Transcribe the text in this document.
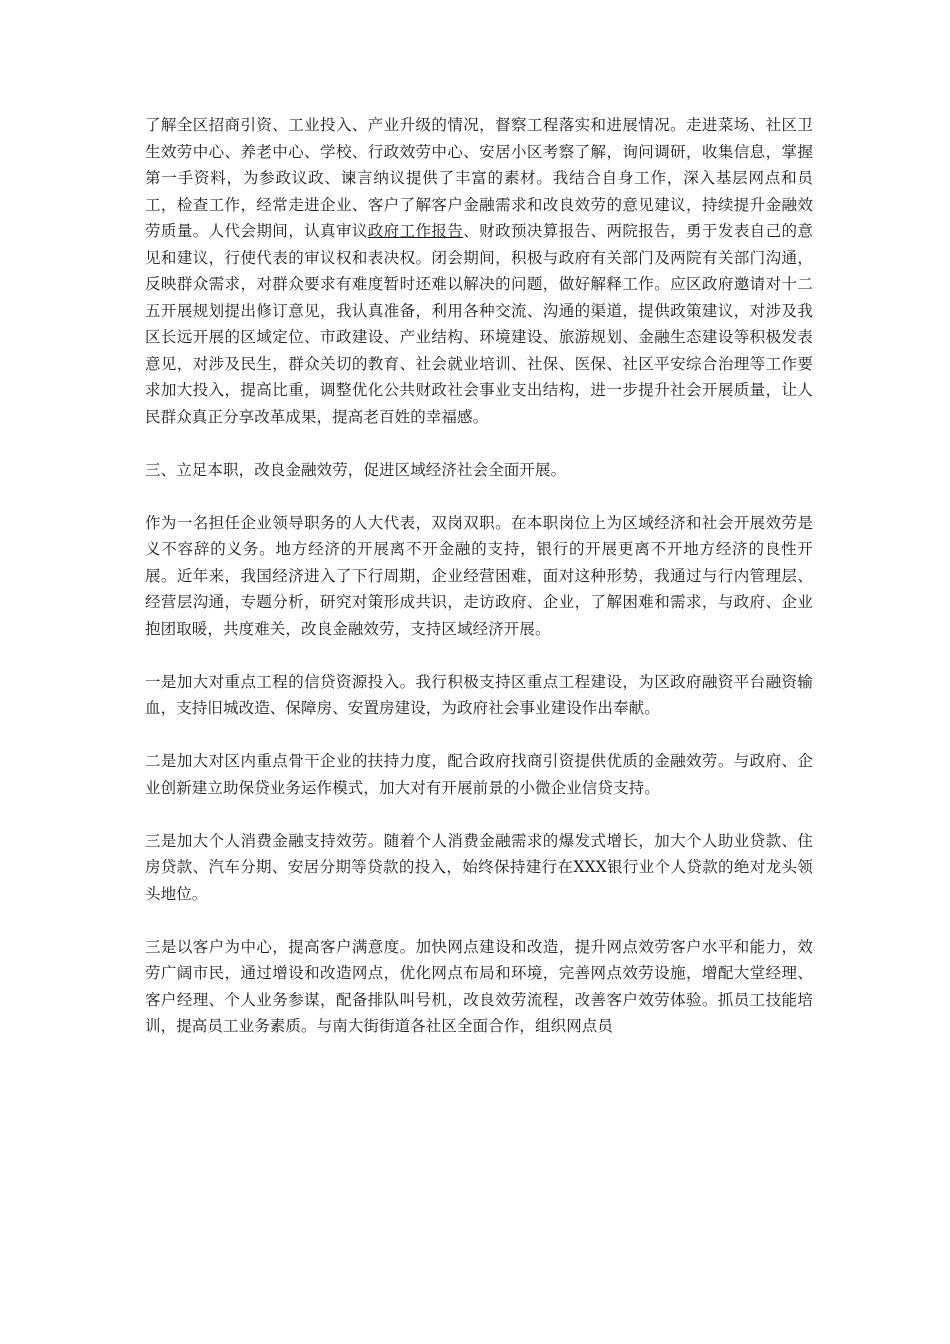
了解全区招商引资、工业投入、产业升级的情况，督察工程落实和进展情况。走进菜场、社区卫生效劳中心、养老中心、学校、行政效劳中心、安居小区考察了解，询问调研，收集信息，掌握第一手资料，为参政议政、谏言纳议提供了丰富的素材。我结合自身工作，深入基层网点和员工，检查工作，经常走进企业、客户了解客户金融需求和改良效劳的意见建议，持续提升金融效劳质量。人代会期间，认真审议政府工作报告、财政预决算报告、两院报告，勇于发表自己的意见和建议，行使代表的审议权和表决权。闭会期间，积极与政府有关部门及两院有关部门沟通，反映群众需求，对群众要求有难度暂时还难以解决的问题，做好解释工作。应区政府邀请对十二五开展规划提出修订意见，我认真准备，利用各种交流、沟通的渠道，提供政策建议，对涉及我区长远开展的区域定位、市政建设、产业结构、环境建设、旅游规划、金融生态建设等积极发表意见，对涉及民生，群众关切的教育、社会就业培训、社保、医保、社区平安综合治理等工作要求加大投入，提高比重，调整优化公共财政社会事业支出结构，进一步提升社会开展质量，让人民群众真正分享改革成果，提高老百姓的幸福感。

三、立足本职，改良金融效劳，促进区域经济社会全面开展。

作为一名担任企业领导职务的人大代表，双岗双职。在本职岗位上为区域经济和社会开展效劳是义不容辞的义务。地方经济的开展离不开金融的支持，银行的开展更离不开地方经济的良性开展。近年来，我国经济进入了下行周期，企业经营困难，面对这种形势，我通过与行内管理层、经营层沟通，专题分析，研究对策形成共识，走访政府、企业，了解困难和需求，与政府、企业抱团取暖，共度难关，改良金融效劳，支持区域经济开展。

一是加大对重点工程的信贷资源投入。我行积极支持区重点工程建设，为区政府融资平台融资输血，支持旧城改造、保障房、安置房建设，为政府社会事业建设作出奉献。

二是加大对区内重点骨干企业的扶持力度，配合政府找商引资提供优质的金融效劳。与政府、企业创新建立助保贷业务运作模式，加大对有开展前景的小微企业信贷支持。

三是加大个人消费金融支持效劳。随着个人消费金融需求的爆发式增长，加大个人助业贷款、住房贷款、汽车分期、安居分期等贷款的投入，始终保持建行在XXX银行业个人贷款的绝对龙头领头地位。

三是以客户为中心，提高客户满意度。加快网点建设和改造，提升网点效劳客户水平和能力，效劳广阔市民，通过增设和改造网点，优化网点布局和环境，完善网点效劳设施，增配大堂经理、客户经理、个人业务参谋，配备排队叫号机，改良效劳流程，改善客户效劳体验。抓员工技能培训，提高员工业务素质。与南大街街道各社区全面合作，组织网点员
